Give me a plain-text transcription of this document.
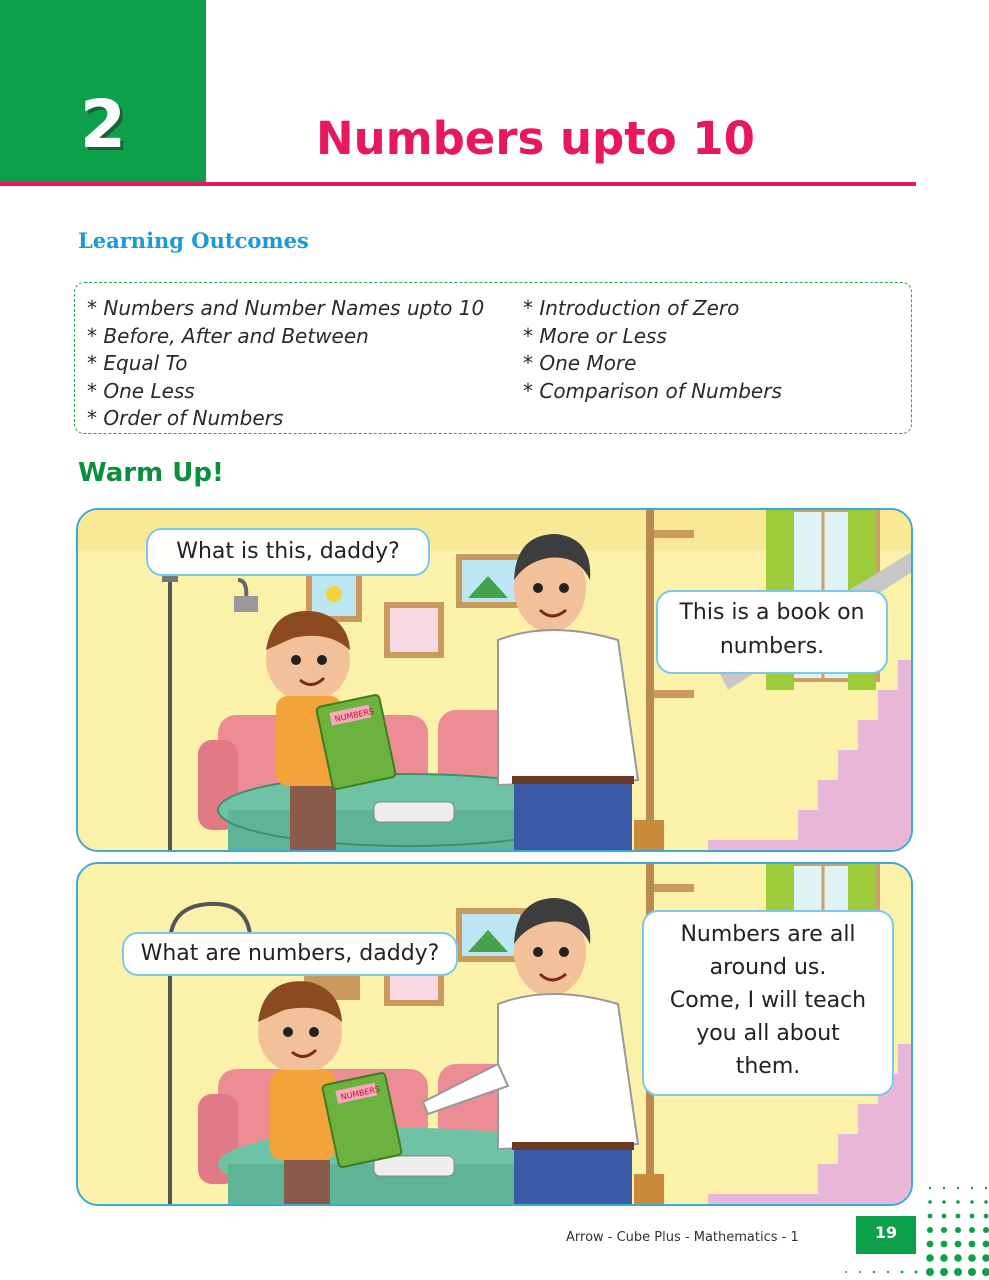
2	Numbers upto 10
Learning Outcomes
* Numbers and Number Names upto 10
* Before, After and Between
* Equal To
* One Less
* Order of Numbers
* Introduction of Zero
* More or Less
* One More
* Comparison of Numbers
Warm Up!
NUMBERS
What is this, daddy?
This is a book on
numbers.
NUMBERS
What are numbers, daddy?
Numbers are all
around us.
Come, I will teach
you all about
them.
Arrow - Cube Plus - Mathematics - 1	19
